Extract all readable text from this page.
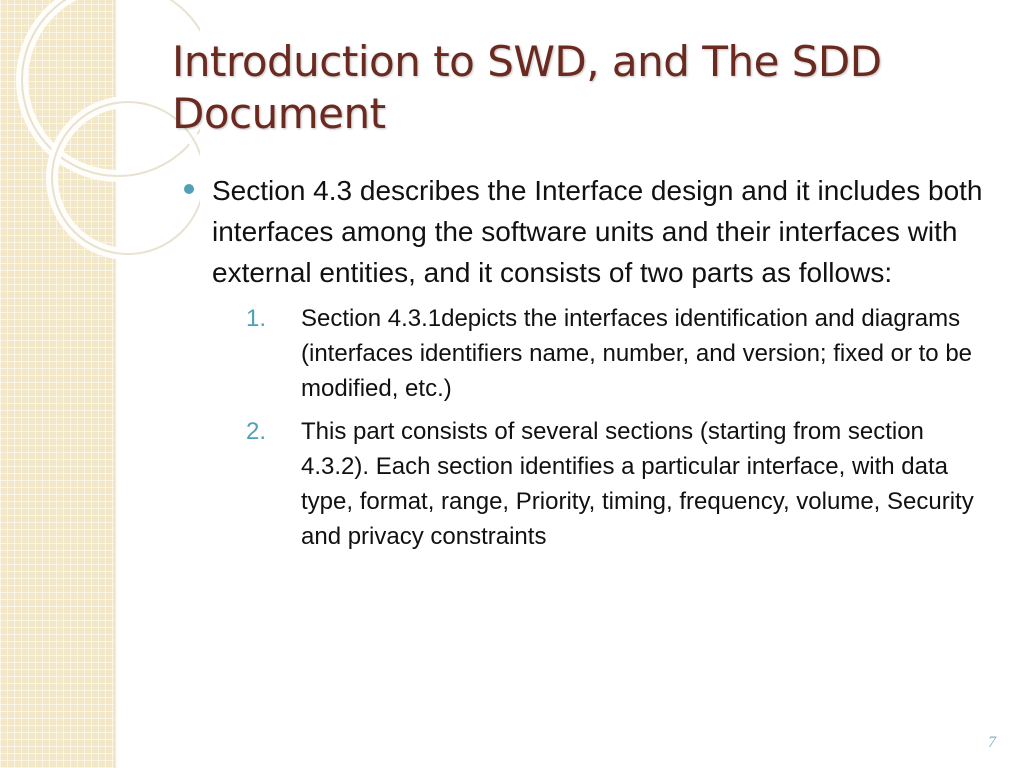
Introduction to SWD, and The SDD Document
Section 4.3 describes the Interface design and it includes both interfaces among the software units and their interfaces with external entities, and it consists of two parts as follows:
1. Section 4.3.1depicts the interfaces identification and diagrams (interfaces identifiers name, number, and version; fixed or to be modified, etc.)
2. This part consists of several sections (starting from section 4.3.2). Each section identifies a particular interface, with data type, format, range, Priority, timing, frequency, volume, Security and privacy constraints
7
